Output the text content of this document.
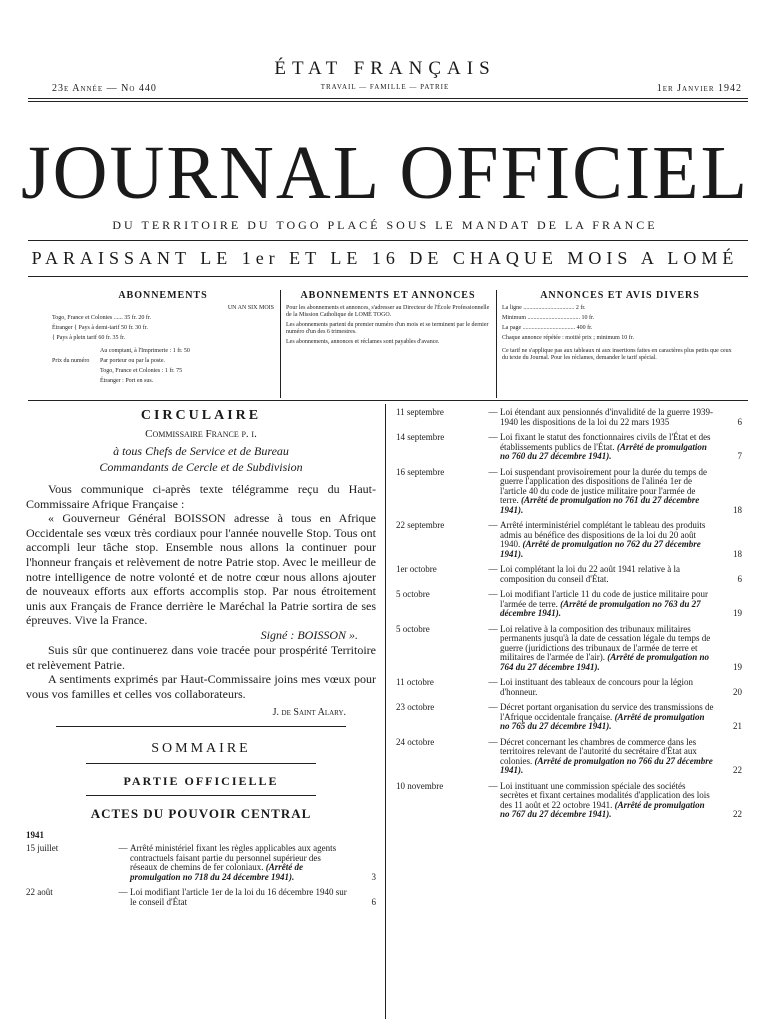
ÉTAT FRANÇAIS
23e Année — No 440	TRAVAIL — FAMILLE — PATRIE	1er Janvier 1942
JOURNAL OFFICIEL
DU TERRITOIRE DU TOGO PLACÉ SOUS LE MANDAT DE LA FRANCE
PARAISSANT LE 1er ET LE 16 DE CHAQUE MOIS A LOMÉ
ABONNEMENTS

UN AN SIX MOIS

Togo, France et Colonies ...... 35 fr. 20 fr.

Étranger { Pays à demi-tarif 50 fr. 30 fr.

{ Pays à plein tarif 60 fr. 35 fr.

Prix du numéro

Au comptant, à l'Imprimerie : 1 fr. 50

Par porteur ou par la poste.

Togo, France et Colonies : 1 fr. 75

Étranger : Port en sus.

ABONNEMENTS ET ANNONCES

Pour les abonnements et annonces, s'adresser au Directeur de l'École Professionnelle de la Mission Catholique de LOMÉ TOGO.

Les abonnements partent du premier numéro d'un mois et se terminent par le dernier numéro d'un des 6 trimestres.

Les abonnements, annonces et réclames sont payables d'avance.

ANNONCES ET AVIS DIVERS

La ligne .................................. 2 fr.

Minimum ................................... 10 fr.

La page ................................... 400 fr.

Chaque annonce répétée : moitié prix ; minimum 10 fr.

Ce tarif ne s'applique pas aux tableaux ni aux insertions faites en caractères plus petits que ceux du texte du Journal. Pour les réclames, demander le tarif spécial.

CIRCULAIRE

Commissaire France p. i.

à tous Chefs de Service et de Bureau

Commandants de Cercle et de Subdivision

Vous communique ci-après texte télégramme reçu du Haut-Commissaire Afrique Française :

« Gouverneur Général BOISSON adresse à tous en Afrique Occidentale ses vœux très cordiaux pour l'année nouvelle Stop. Tous ont accompli leur tâche stop. Ensemble nous allons la continuer pour l'honneur français et relèvement de notre Patrie stop. Avec le meilleur de notre intelligence de notre volonté et de notre cœur nous allons ajouter de nouveaux efforts aux efforts accomplis stop. Par nous étroitement unis aux Français de France derrière le Maréchal la Patrie sortira de ses épreuves. Vive la France.

Signé : BOISSON ».

Suis sûr que continuerez dans voie tracée pour prospérité Territoire et relèvement Patrie.

A sentiments exprimés par Haut-Commissaire joins mes vœux pour vous vos familles et celles vos collaborateurs.

J. de Saint Alary.

SOMMAIRE

PARTIE OFFICIELLE

ACTES DU POUVOIR CENTRAL

1941
15 juillet	— Arrêté ministériel fixant les règles applicables aux agents contractuels faisant partie du personnel supérieur des réseaux de chemins de fer coloniaux. (Arrêté de promulgation no 718 du 24 décembre 1941).	3
22 août	— Loi modifiant l'article 1er de la loi du 16 décembre 1940 sur le conseil d'État	6
11 septembre	— Loi étendant aux pensionnés d'invalidité de la guerre 1939-1940 les dispositions de la loi du 22 mars 1935	6
14 septembre	— Loi fixant le statut des fonctionnaires civils de l'État et des établissements publics de l'État. (Arrêté de promulgation no 760 du 27 décembre 1941).	7
16 septembre	— Loi suspendant provisoirement pour la durée du temps de guerre l'application des dispositions de l'alinéa 1er de l'article 40 du code de justice militaire pour l'armée de terre. (Arrêté de promulgation no 761 du 27 décembre 1941).	18
22 septembre	— Arrêté interministériel complétant le tableau des produits admis au bénéfice des dispositions de la loi du 20 août 1940. (Arrêté de promulgation no 762 du 27 décembre 1941).	18
1er octobre	— Loi complétant la loi du 22 août 1941 relative à la composition du conseil d'État.	6
5 octobre	— Loi modifiant l'article 11 du code de justice militaire pour l'armée de terre. (Arrêté de promulgation no 763 du 27 décembre 1941).	19
5 octobre	— Loi relative à la composition des tribunaux militaires permanents jusqu'à la date de cessation légale du temps de guerre (juridictions des tribunaux de l'armée de terre et militaires de l'armée de l'air). (Arrêté de promulgation no 764 du 27 décembre 1941).	19
11 octobre	— Loi instituant des tableaux de concours pour la légion d'honneur.	20
23 octobre	— Décret portant organisation du service des transmissions de l'Afrique occidentale française. (Arrêté de promulgation no 765 du 27 décembre 1941).	21
24 octobre	— Décret concernant les chambres de commerce dans les territoires relevant de l'autorité du secrétaire d'État aux colonies. (Arrêté de promulgation no 766 du 27 décembre 1941).	22
10 novembre	— Loi instituant une commission spéciale des sociétés secrètes et fixant certaines modalités d'application des lois des 11 août et 22 octobre 1941. (Arrêté de promulgation no 767 du 27 décembre 1941).	22
